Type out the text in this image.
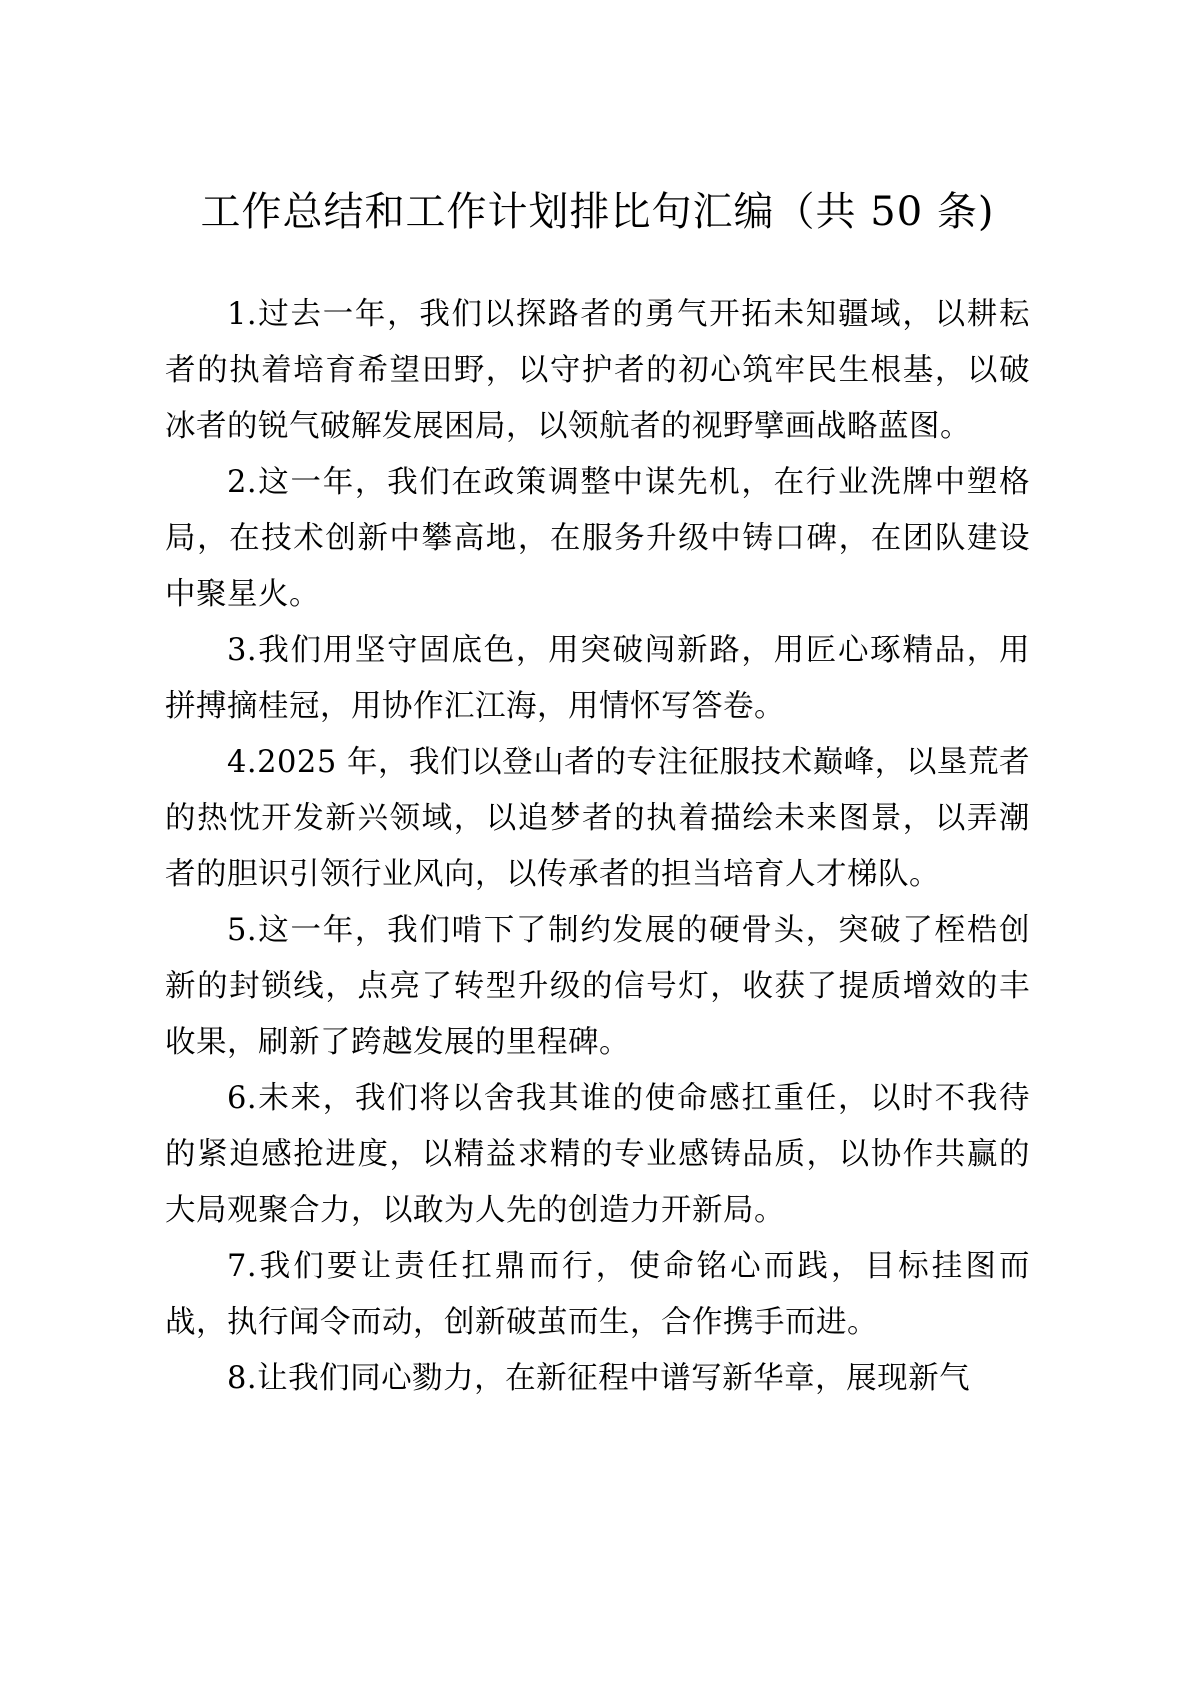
工作总结和工作计划排比句汇编（共 50 条)

1.过去一年，我们以探路者的勇气开拓未知疆域，以耕耘者的执着培育希望田野，以守护者的初心筑牢民生根基，以破冰者的锐气破解发展困局，以领航者的视野擘画战略蓝图。

2.这一年，我们在政策调整中谋先机，在行业洗牌中塑格局，在技术创新中攀高地，在服务升级中铸口碑，在团队建设中聚星火。

3.我们用坚守固底色，用突破闯新路，用匠心琢精品，用拼搏摘桂冠，用协作汇江海，用情怀写答卷。

4.2025 年，我们以登山者的专注征服技术巅峰，以垦荒者的热忱开发新兴领域，以追梦者的执着描绘未来图景，以弄潮者的胆识引领行业风向，以传承者的担当培育人才梯队。

5.这一年，我们啃下了制约发展的硬骨头，突破了桎梏创新的封锁线，点亮了转型升级的信号灯，收获了提质增效的丰收果，刷新了跨越发展的里程碑。

6.未来，我们将以舍我其谁的使命感扛重任，以时不我待的紧迫感抢进度，以精益求精的专业感铸品质，以协作共赢的大局观聚合力，以敢为人先的创造力开新局。

7.我们要让责任扛鼎而行，使命铭心而践，目标挂图而战，执行闻令而动，创新破茧而生，合作携手而进。

8.让我们同心勠力，在新征程中谱写新华章，展现新气
